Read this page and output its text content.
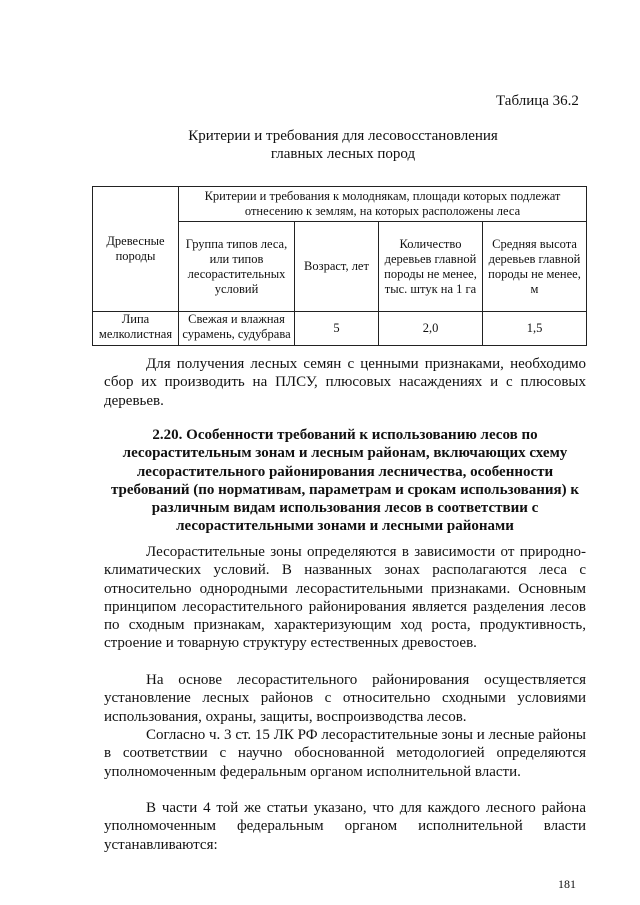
Таблица 36.2
Критерии и требования для лесовосстановления
главных лесных пород
Древесные породы	Критерии и требования к молоднякам, площади которых подлежат отнесению к землям, на которых расположены леса			
	Группа типов леса, или типов лесорастительных условий	Возраст, лет	Количество деревьев главной породы не менее, тыс. штук на 1 га	Средняя высота деревьев главной породы не менее, м
Липа мелколистная	Свежая и влажная сурамень, судубрава	5	2,0	1,5

Для получения лесных семян с ценными признаками, необходимо сбор их производить на ПЛСУ, плюсовых насаждениях и с плюсовых деревьев.

2.20. Особенности требований к использованию лесов по лесорастительным зонам и лесным районам, включающих схему лесорастительного районирования лесничества, особенности требований (по нормативам, параметрам и срокам использования) к различным видам использования лесов в соответствии с лесорастительными зонами и лесными районами

Лесорастительные зоны определяются в зависимости от природно-климатических условий. В названных зонах располагаются леса с относительно однородными лесорастительными признаками. Основным принципом лесорастительного районирования является разделения лесов по сходным признакам, характеризующим ход роста, продуктивность, строение и товарную структуру естественных древостоев.

На основе лесорастительного районирования осуществляется установление лесных районов с относительно сходными условиями использования, охраны, защиты, воспроизводства лесов.

Согласно ч. 3 ст. 15 ЛК РФ лесорастительные зоны и лесные районы в соответствии с научно обоснованной методологией определяются уполномоченным федеральным органом исполнительной власти.

В части 4 той же статьи указано, что для каждого лесного района уполномоченным федеральным органом исполнительной власти устанавливаются:

181
